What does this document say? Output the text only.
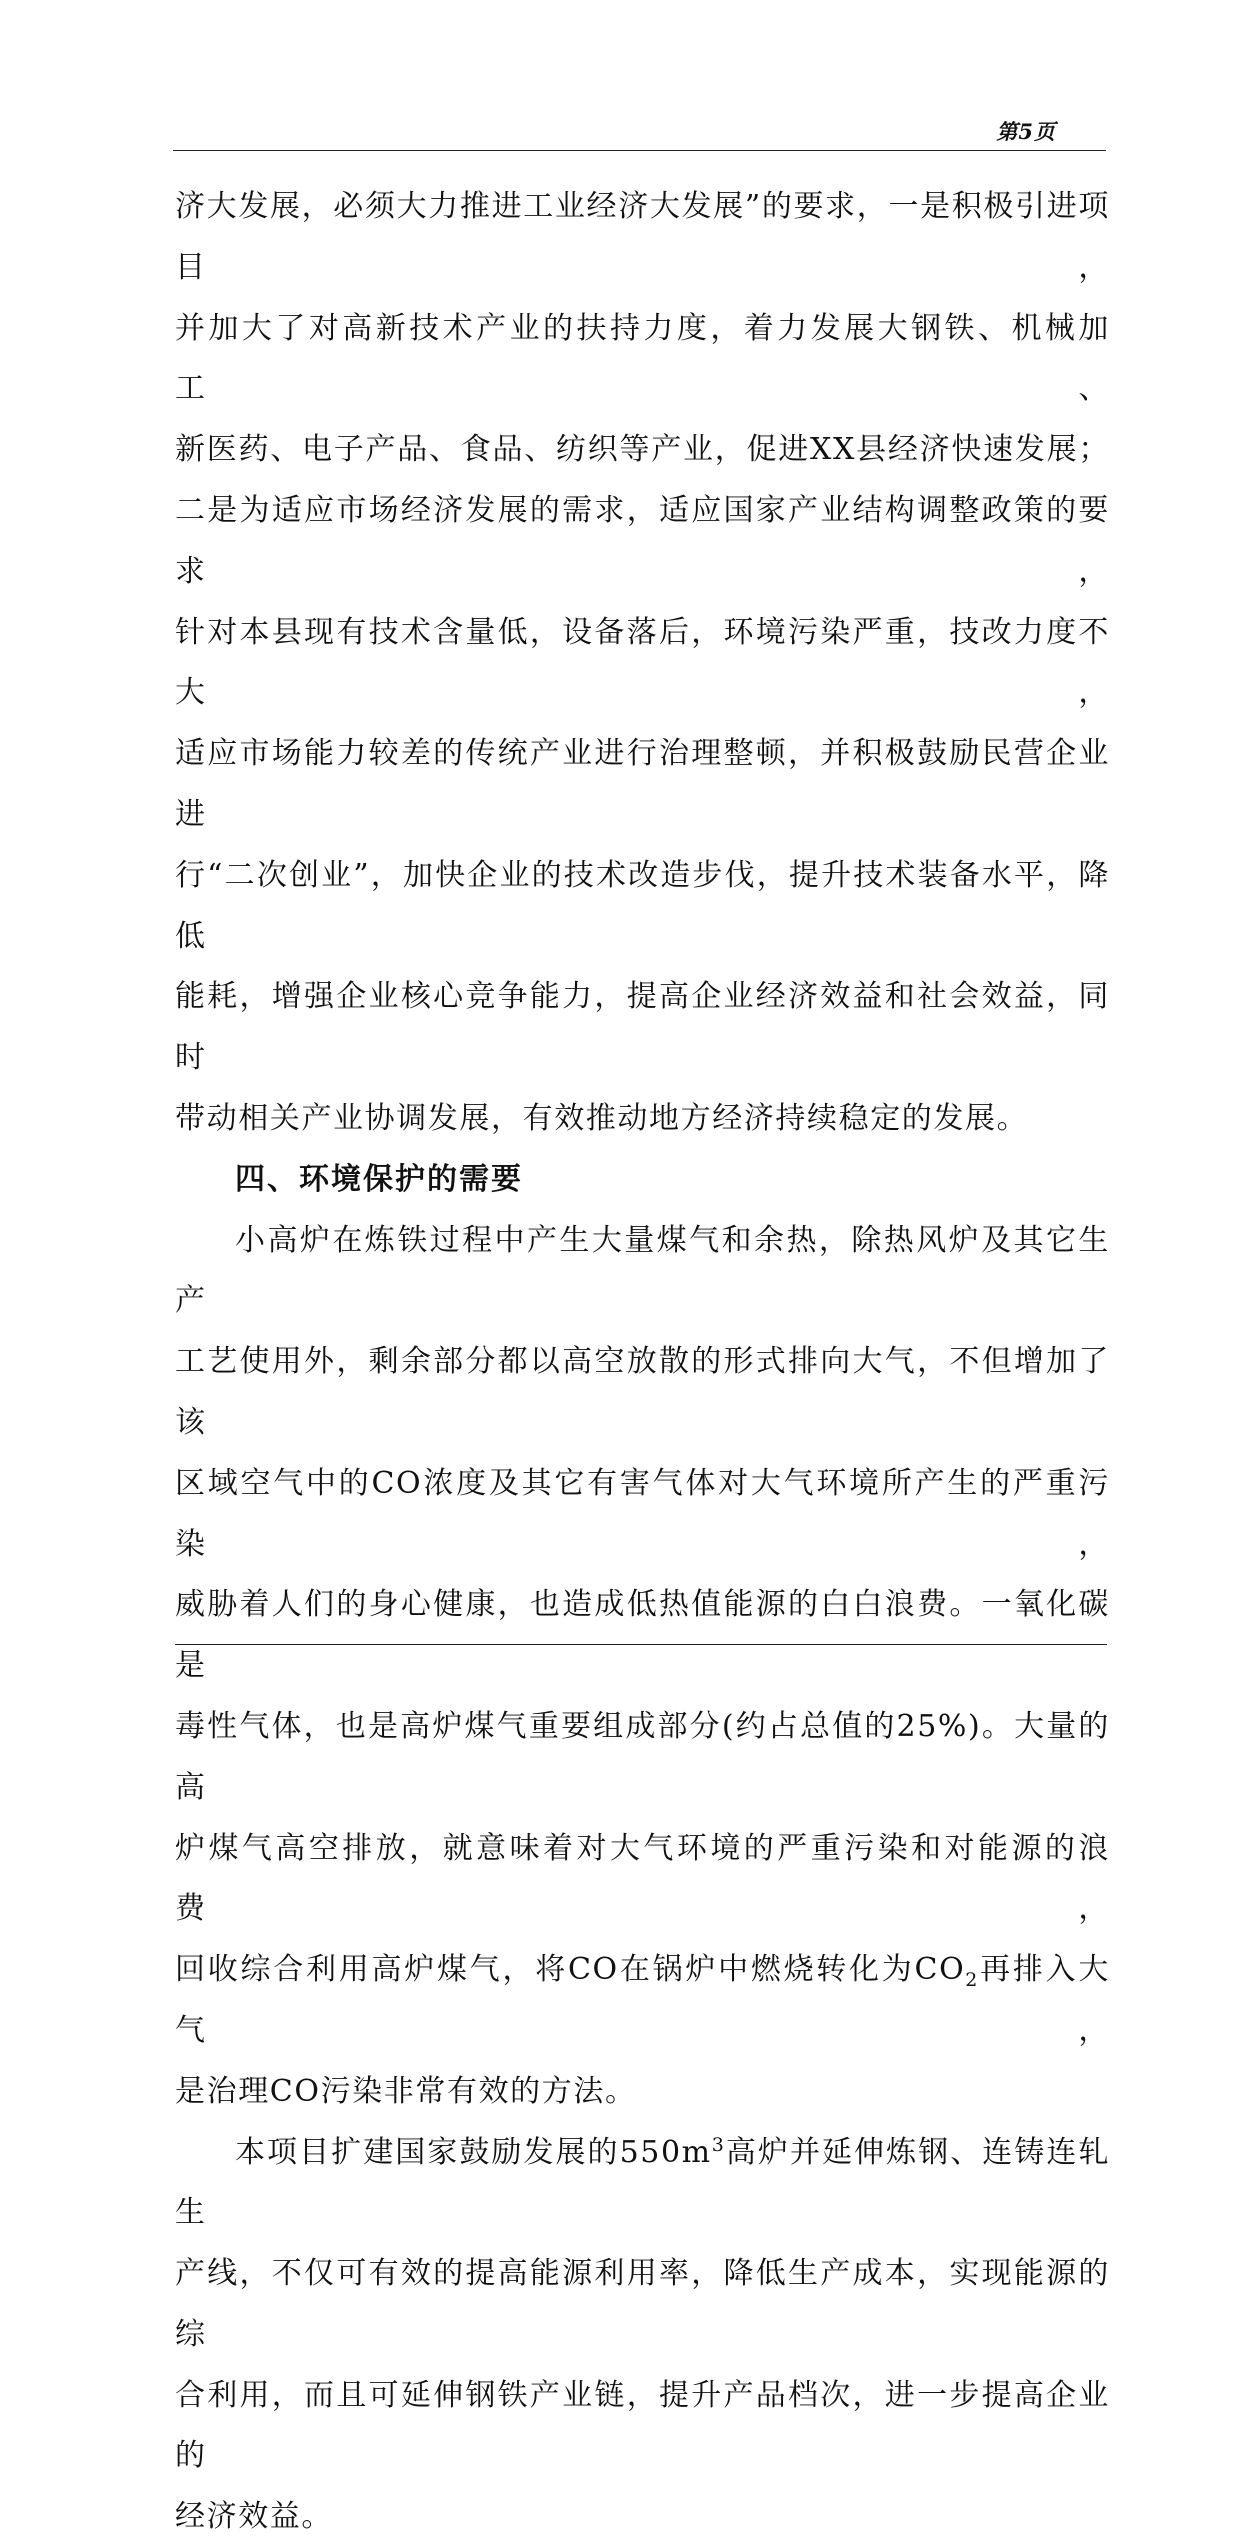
第5页

济大发展，必须大力推进工业经济大发展”的要求，一是积极引进项目，
并加大了对高新技术产业的扶持力度，着力发展大钢铁、机械加工、
新医药、电子产品、食品、纺织等产业，促进XX县经济快速发展；
二是为适应市场经济发展的需求，适应国家产业结构调整政策的要求，
针对本县现有技术含量低，设备落后，环境污染严重，技改力度不大，
适应市场能力较差的传统产业进行治理整顿，并积极鼓励民营企业进
行“二次创业”，加快企业的技术改造步伐，提升技术装备水平，降低
能耗，增强企业核心竞争能力，提高企业经济效益和社会效益，同时
带动相关产业协调发展，有效推动地方经济持续稳定的发展。

四、环境保护的需要

小高炉在炼铁过程中产生大量煤气和余热，除热风炉及其它生产
工艺使用外，剩余部分都以高空放散的形式排向大气，不但增加了该
区域空气中的CO浓度及其它有害气体对大气环境所产生的严重污染，
威胁着人们的身心健康，也造成低热值能源的白白浪费。一氧化碳是
毒性气体，也是高炉煤气重要组成部分(约占总值的25%)。大量的高
炉煤气高空排放，就意味着对大气环境的严重污染和对能源的浪费，
回收综合利用高炉煤气，将CO在锅炉中燃烧转化为$CO_2$再排入大气，
是治理CO污染非常有效的方法。

本项目扩建国家鼓励发展的$550m^3$高炉并延伸炼钢、连铸连轧生
产线，不仅可有效的提高能源利用率，降低生产成本，实现能源的综
合利用，而且可延伸钢铁产业链，提升产品档次，进一步提高企业的
经济效益。
